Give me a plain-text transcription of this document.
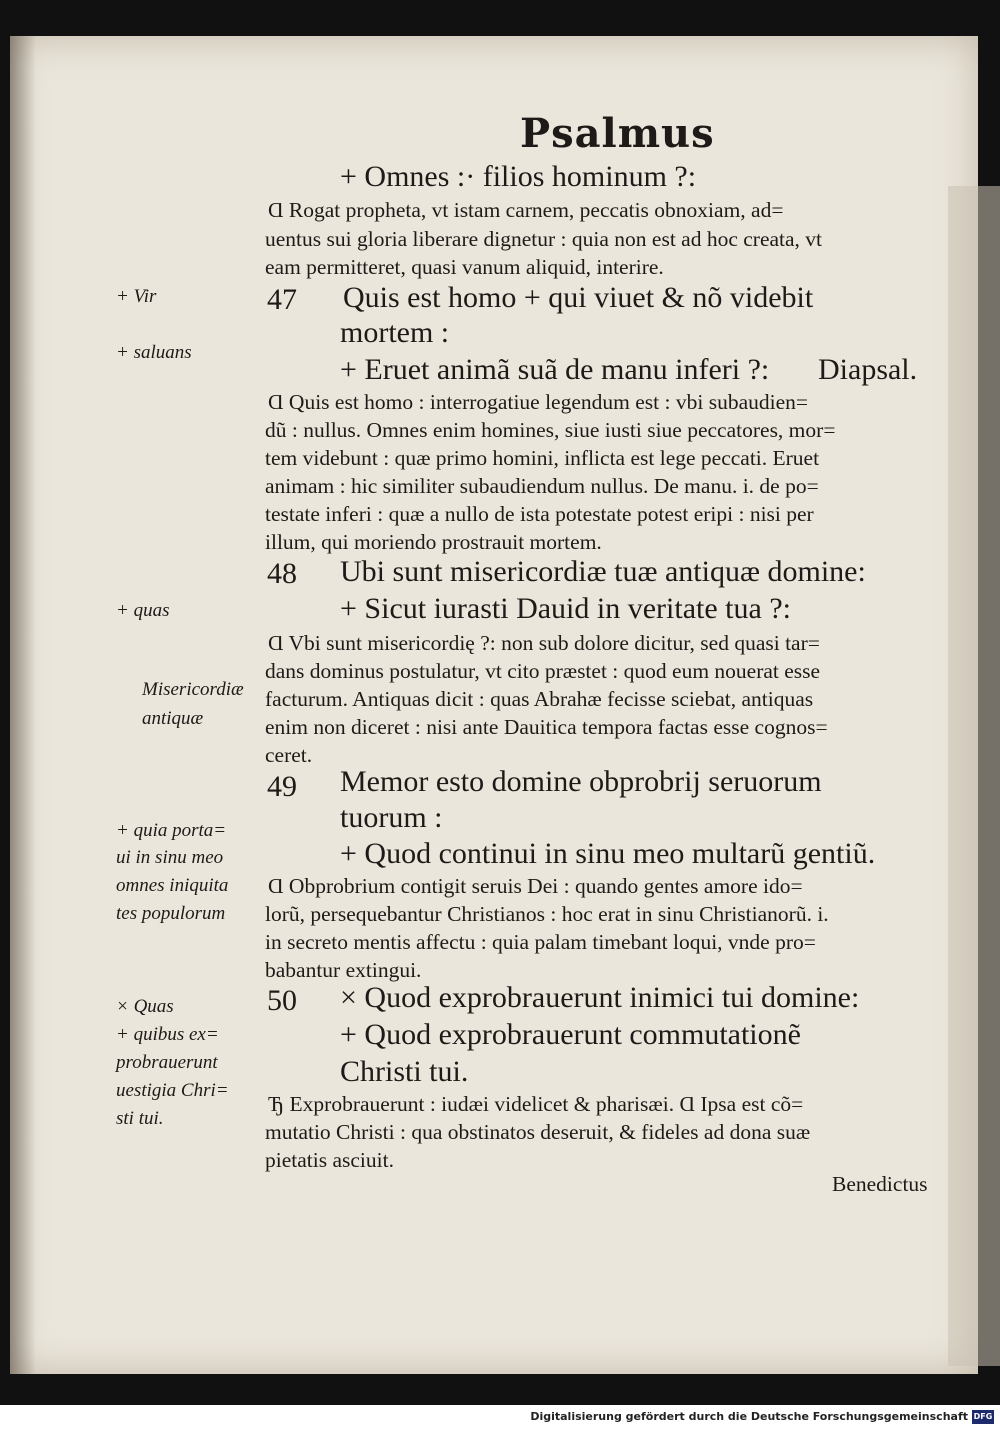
Psalmus
+ Omnes :· filios hominum ?:
Ɑ Rogat propheta, vt istam carnem, peccatis obnoxiam, ad=
uentus sui gloria liberare dignetur : quia non est ad hoc creata, vt
eam permitteret, quasi vanum aliquid, interire.
47 Quis est homo + qui viuet & nõ videbit
mortem :
+ Eruet animã suã de manu inferi ?: Diapsal.
Ɑ Quis est homo : interrogatiue legendum est : vbi subaudien=
dũ : nullus. Omnes enim homines, siue iusti siue peccatores, mor=
tem videbunt : quæ primo homini, inflicta est lege peccati. Eruet
animam : hic similiter subaudiendum nullus. De manu. i. de po=
testate inferi : quæ a nullo de ista potestate potest eripi : nisi per
illum, qui moriendo prostrauit mortem.
48 Ubi sunt misericordiæ tuæ antiquæ domine:
+ Sicut iurasti Dauid in veritate tua ?:
Ɑ Vbi sunt misericordię ?: non sub dolore dicitur, sed quasi tar=
dans dominus postulatur, vt cito præstet : quod eum nouerat esse
facturum. Antiquas dicit : quas Abrahæ fecisse sciebat, antiquas
enim non diceret : nisi ante Dauitica tempora factas esse cognos=
ceret.
49 Memor esto domine obprobrij seruorum
tuorum :
+ Quod continui in sinu meo multarũ gentiũ.
Ɑ Obprobrium contigit seruis Dei : quando gentes amore ido=
lorũ, persequebantur Christianos : hoc erat in sinu Christianorũ. i.
in secreto mentis affectu : quia palam timebant loqui, vnde pro=
babantur extingui.
50 × Quod exprobrauerunt inimici tui domine:
+ Quod exprobrauerunt commutationẽ
Christi tui.
Ђ Exprobrauerunt : iudæi videlicet & pharisæi. Ɑ Ipsa est cõ=
mutatio Christi : qua obstinatos deseruit, & fideles ad dona suæ
pietatis asciuit.
Benedictus
+ Vir
+ saluans
+ quas
Misericordiæ
antiquæ
+ quia porta=
ui in sinu meo
omnes iniquita
tes populorum
× Quas
+ quibus ex=
probrauerunt
uestigia Chri=
sti tui.
Digitalisierung gefördert durch die Deutsche Forschungsgemeinschaft DFG
